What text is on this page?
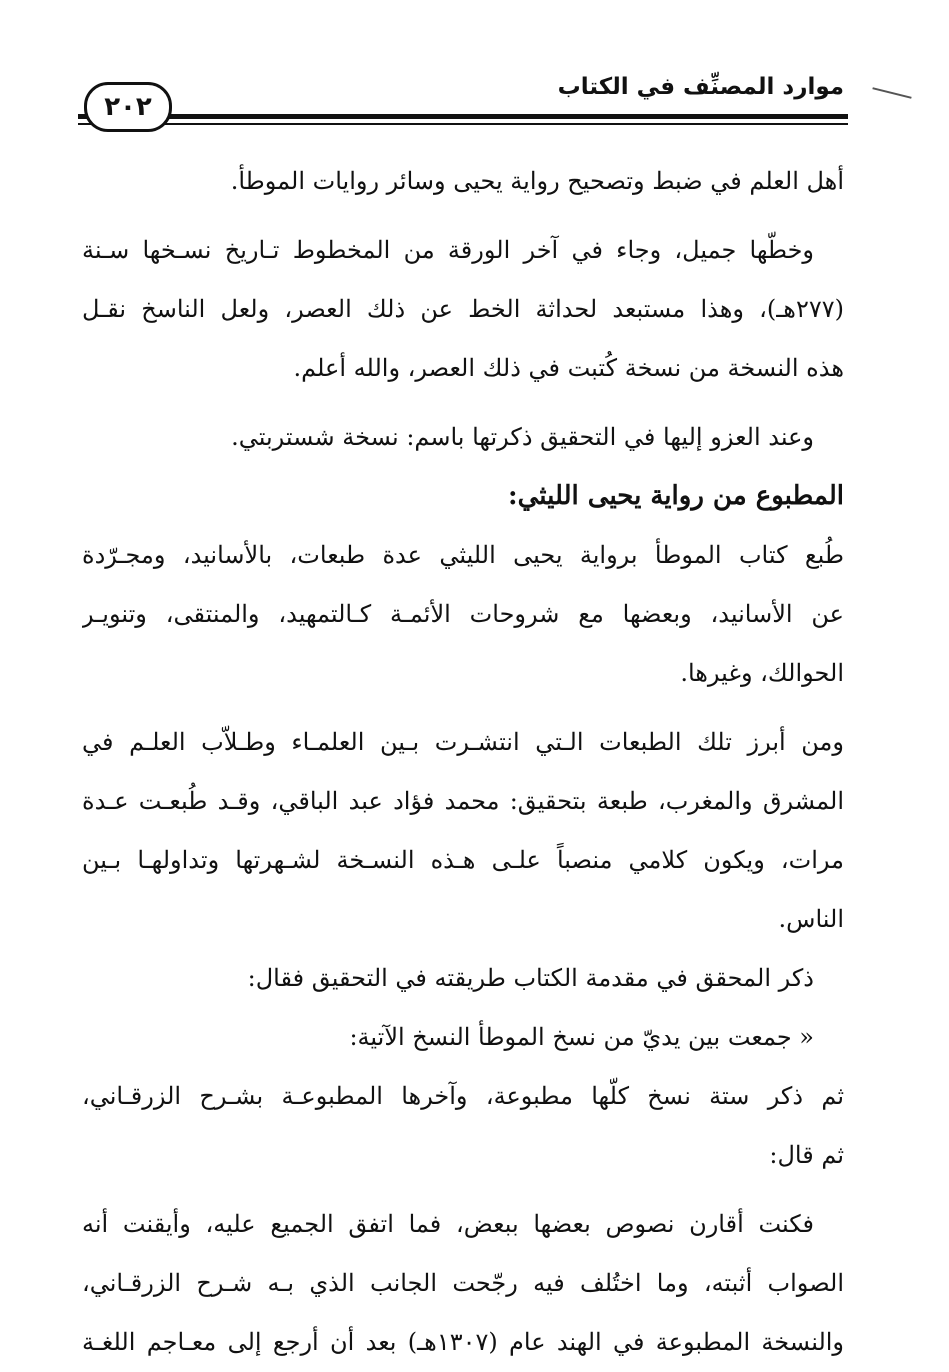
موارد المصنِّف في الكتاب
٢٠٢
أهل العلم في ضبط وتصحيح رواية يحيى وسائر روايات الموطأ.
وخطّها جميل، وجاء في آخر الورقة من المخطوط تـاريخ نسـخها سـنة
(٢٧٧هـ)، وهذا مستبعد لحداثة الخط عن ذلك العصر، ولعل الناسخ نقـل
هذه النسخة من نسخة كُتبت في ذلك العصر، والله أعلم.
وعند العزو إليها في التحقيق ذكرتها باسم: نسخة شستربتي.
المطبوع من رواية يحيى الليثي:
طُبع كتاب الموطأ برواية يحيى الليثي عدة طبعات، بالأسانيد، ومجـرّدة
عن الأسانيد، وبعضها مع شروحات الأئمـة كـالتمهيد، والمنتقى، وتنويـر
الحوالك، وغيرها.
ومن أبرز تلك الطبعات الـتي انتشـرت بـين العلمـاء وطـلاّب العلـم في
المشرق والمغرب، طبعة بتحقيق: محمد فؤاد عبد الباقي، وقـد طُبعـت عـدة
مرات، ويكون كلامي منصباً علـى هـذه النسـخة لشـهرتها وتداولهـا بـين
الناس.
ذكر المحقق في مقدمة الكتاب طريقته في التحقيق فقال:
« جمعت بين يديّ من نسخ الموطأ النسخ الآتية:
ثم ذكر ستة نسخ كلّها مطبوعة، وآخرها المطبوعـة بشـرح الزرقـاني،
ثم قال:
فكنت أقارن نصوص بعضها ببعض، فما اتفق الجميع عليه، وأيقنت أنه
الصواب أثبته، وما اختُلف فيه رجّحت الجانب الذي بـه شـرح الزرقـاني،
والنسخة المطبوعة في الهند عام (١٣٠٧هـ) بعد أن أرجع إلى معـاجم اللغـة
